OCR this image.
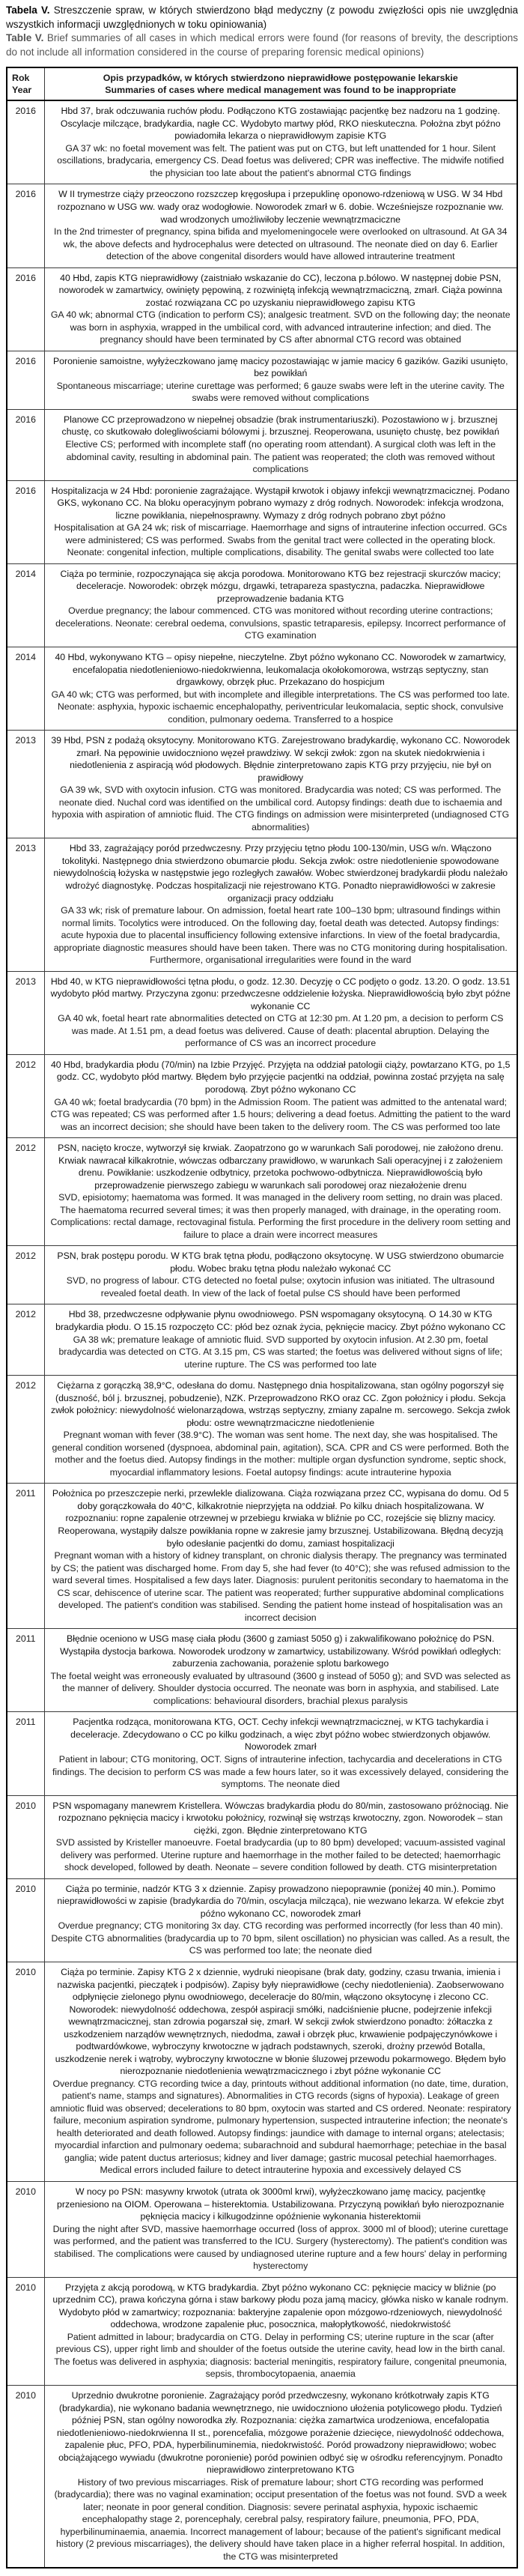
Tabela V. Streszczenie spraw, w których stwierdzono błąd medyczny (z powodu zwięzłości opis nie uwzględnia wszystkich informacji uwzględnionych w toku opiniowania)
Table V. Brief summaries of all cases in which medical errors were found (for reasons of brevity, the descriptions do not include all information considered in the course of preparing forensic medical opinions)
Rok
Year

Opis przypadków, w których stwierdzono nieprawidłowe postępowanie lekarskie
Summaries of cases where medical management was found to be inappropriate

2016	Hbd 37, brak odczuwania ruchów płodu. Podłączono KTG zostawiając pacjentkę bez nadzoru na 1 godzinę. Oscylacje milczące, bradykardia, nagłe CC. Wydobyto martwy płód, RKO nieskuteczna. Położna zbyt późno powiadomiła lekarza o nieprawidłowym zapisie KTG
GA 37 wk: no foetal movement was felt. The patient was put on CTG, but left unattended for 1 hour. Silent oscillations, bradycaria, emergency CS. Dead foetus was delivered; CPR was ineffective. The midwife notified the physician too late about the patient's abnormal CTG findings

2016	W II trymestrze ciąży przeoczono rozszczep kręgosłupa i przepuklinę oponowo-rdzeniową w USG. W 34 Hbd rozpoznano w USG ww. wady oraz wodogłowie. Noworodek zmarł w 6. dobie. Wcześniejsze rozpoznanie ww. wad wrodzonych umożliwiłoby leczenie wewnątrzmaciczne
In the 2nd trimester of pregnancy, spina bifida and myelomeningocele were overlooked on ultrasound. At GA 34 wk, the above defects and hydrocephalus were detected on ultrasound. The neonate died on day 6. Earlier detection of the above congenital disorders would have allowed intrauterine treatment

2016	40 Hbd, zapis KTG nieprawidłowy (zaistniało wskazanie do CC), leczona p.bólowo. W następnej dobie PSN, noworodek w zamartwicy, owinięty pępowiną, z rozwiniętą infekcją wewnątrzmaciczną, zmarł. Ciąża powinna zostać rozwiązana CC po uzyskaniu nieprawidłowego zapisu KTG
GA 40 wk; abnormal CTG (indication to perform CS); analgesic treatment. SVD on the following day; the neonate was born in asphyxia, wrapped in the umbilical cord, with advanced intrauterine infection; and died. The pregnancy should have been terminated by CS after abnormal CTG record was obtained

2016	Poronienie samoistne, wyłyżeczkowano jamę macicy pozostawiając w jamie macicy 6 gazików. Gaziki usunięto, bez powikłań
Spontaneous miscarriage; uterine curettage was performed; 6 gauze swabs were left in the uterine cavity. The swabs were removed without complications

2016	Planowe CC przeprowadzono w niepełnej obsadzie (brak instrumentariuszki). Pozostawiono w j. brzusznej chustę, co skutkowało dolegliwościami bólowymi j. brzusznej. Reoperowana, usunięto chustę, bez powikłań
Elective CS; performed with incomplete staff (no operating room attendant). A surgical cloth was left in the abdominal cavity, resulting in abdominal pain. The patient was reoperated; the cloth was removed without complications

2016	Hospitalizacja w 24 Hbd: poronienie zagrażające. Wystąpił krwotok i objawy infekcji wewnątrzmacicznej. Podano GKS, wykonano CC. Na bloku operacyjnym pobrano wymazy z dróg rodnych. Noworodek: infekcja wrodzona, liczne powikłania, niepełnosprawny. Wymazy z dróg rodnych pobrano zbyt późno
Hospitalisation at GA 24 wk; risk of miscarriage. Haemorrhage and signs of intrauterine infection occurred. GCs were administered; CS was performed. Swabs from the genital tract were collected in the operating block. Neonate: congenital infection, multiple complications, disability. The genital swabs were collected too late

2014	Ciąża po terminie, rozpoczynająca się akcja porodowa. Monitorowano KTG bez rejestracji skurczów macicy; deceleracje. Noworodek: obrzęk mózgu, drgawki, tetrapareza spastyczna, padaczka. Nieprawidłowe przeprowadzenie badania KTG
Overdue pregnancy; the labour commenced. CTG was monitored without recording uterine contractions; decelerations. Neonate: cerebral oedema, convulsions, spastic tetraparesis, epilepsy. Incorrect performance of CTG examination

2014	40 Hbd, wykonywano KTG – opisy niepełne, nieczytelne. Zbyt późno wykonano CC. Noworodek w zamartwicy, encefalopatia niedotlenieniowo-niedokrwienna, leukomalacja okołokomorowa, wstrząs septyczny, stan drgawkowy, obrzęk płuc. Przekazano do hospicjum
GA 40 wk; CTG was performed, but with incomplete and illegible interpretations. The CS was performed too late. Neonate: asphyxia, hypoxic ischaemic encephalopathy, periventricular leukomalacia, septic shock, convulsive condition, pulmonary oedema. Transferred to a hospice

2013	39 Hbd, PSN z podażą oksytocyny. Monitorowano KTG. Zarejestrowano bradykardię, wykonano CC. Noworodek zmarł. Na pępowinie uwidoczniono węzeł prawdziwy. W sekcji zwłok: zgon na skutek niedokrwienia i niedotlenienia z aspiracją wód płodowych. Błędnie zinterpretowano zapis KTG przy przyjęciu, nie był on prawidłowy
GA 39 wk, SVD with oxytocin infusion. CTG was monitored. Bradycardia was noted; CS was performed. The neonate died. Nuchal cord was identified on the umbilical cord. Autopsy findings: death due to ischaemia and hypoxia with aspiration of amniotic fluid. The CTG findings on admission were misinterpreted (undiagnosed CTG abnormalities)

2013	Hbd 33, zagrażający poród przedwczesny. Przy przyjęciu tętno płodu 100-130/min, USG w/n. Włączono tokolityki. Następnego dnia stwierdzono obumarcie płodu. Sekcja zwłok: ostre niedotlenienie spowodowane niewydolnością łożyska w następstwie jego rozległych zawałów. Wobec stwierdzonej bradykardii płodu należało wdrożyć diagnostykę. Podczas hospitalizacji nie rejestrowano KTG. Ponadto nieprawidłowości w zakresie organizacji pracy oddziału
GA 33 wk; risk of premature labour. On admission, foetal heart rate 100–130 bpm; ultrasound findings within normal limits. Tocolytics were introduced. On the following day, foetal death was detected. Autopsy findings: acute hypoxia due to placental insufficiency following extensive infarctions. In view of the foetal bradycardia, appropriate diagnostic measures should have been taken. There was no CTG monitoring during hospitalisation. Furthermore, organisational irregularities were found in the ward

2013	Hbd 40, w KTG nieprawidłowości tętna płodu, o godz. 12.30. Decyzję o CC podjęto o godz. 13.20. O godz. 13.51 wydobyto płód martwy. Przyczyna zgonu: przedwczesne oddzielenie łożyska. Nieprawidłowością było zbyt późne wykonanie CC
GA 40 wk, foetal heart rate abnormalities detected on CTG at 12:30 pm. At 1.20 pm, a decision to perform CS was made. At 1.51 pm, a dead foetus was delivered. Cause of death: placental abruption. Delaying the performance of CS was an incorrect procedure

2012	40 Hbd, bradykardia płodu (70/min) na Izbie Przyjęć. Przyjęta na oddział patologii ciąży, powtarzano KTG, po 1,5 godz. CC, wydobyto płód martwy. Błędem było przyjęcie pacjentki na oddział, powinna zostać przyjęta na salę porodową. Zbyt późno wykonano CC
GA 40 wk; foetal bradycardia (70 bpm) in the Admission Room. The patient was admitted to the antenatal ward; CTG was repeated; CS was performed after 1.5 hours; delivering a dead foetus. Admitting the patient to the ward was an incorrect decision; she should have been taken to the delivery room. The CS was performed too late

2012	PSN, nacięto krocze, wytworzył się krwiak. Zaopatrzono go w warunkach Sali porodowej, nie założono drenu. Krwiak nawracał kilkakrotnie, wówczas odbarczany prawidłowo, w warunkach Sali operacyjnej i z założeniem drenu. Powikłanie: uszkodzenie odbytnicy, przetoka pochwowo-odbytnicza. Nieprawidłowością było przeprowadzenie pierwszego zabiegu w warunkach sali porodowej oraz niezałożenie drenu
SVD, episiotomy; haematoma was formed. It was managed in the delivery room setting, no drain was placed. The haematoma recurred several times; it was then properly managed, with drainage, in the operating room. Complications: rectal damage, rectovaginal fistula. Performing the first procedure in the delivery room setting and failure to place a drain were incorrect measures

2012	PSN, brak postępu porodu. W KTG brak tętna płodu, podłączono oksytocynę. W USG stwierdzono obumarcie płodu. Wobec braku tętna płodu należało wykonać CC
SVD, no progress of labour. CTG detected no foetal pulse; oxytocin infusion was initiated. The ultrasound revealed foetal death. In view of the lack of foetal pulse CS should have been performed

2012	Hbd 38, przedwczesne odpływanie płynu owodniowego. PSN wspomagany oksytocyną. O 14.30 w KTG bradykardia płodu. O 15.15 rozpoczęto CC: płód bez oznak życia, pęknięcie macicy. Zbyt późno wykonano CC
GA 38 wk; premature leakage of amniotic fluid. SVD supported by oxytocin infusion. At 2.30 pm, foetal bradycardia was detected on CTG. At 3.15 pm, CS was started; the foetus was delivered without signs of life; uterine rupture. The CS was performed too late

2012	Ciężarna z gorączką 38,9°C, odesłana do domu. Następnego dnia hospitalizowana, stan ogólny pogorszył się (duszność, ból j. brzusznej, pobudzenie), NZK. Przeprowadzono RKO oraz CC. Zgon położnicy i płodu. Sekcja zwłok położnicy: niewydolność wielonarządowa, wstrząs septyczny, zmiany zapalne m. sercowego. Sekcja zwłok płodu: ostre wewnątrzmaciczne niedotlenienie
Pregnant woman with fever (38.9°C). The woman was sent home. The next day, she was hospitalised. The general condition worsened (dyspnoea, abdominal pain, agitation), SCA. CPR and CS were performed. Both the mother and the foetus died. Autopsy findings in the mother: multiple organ dysfunction syndrome, septic shock, myocardial inflammatory lesions. Foetal autopsy findings: acute intrauterine hypoxia

2011	Położnica po przeszczepie nerki, przewlekle dializowana. Ciąża rozwiązana przez CC, wypisana do domu. Od 5 doby gorączkowała do 40°C, kilkakrotnie nieprzyjęta na oddział. Po kilku dniach hospitalizowana. W rozpoznaniu: ropne zapalenie otrzewnej w przebiegu krwiaka w bliźnie po CC, rozejście się blizny macicy. Reoperowana, wystąpiły dalsze powikłania ropne w zakresie jamy brzusznej. Ustabilizowana. Błędną decyzją było odesłanie pacjentki do domu, zamiast hospitalizacji
Pregnant woman with a history of kidney transplant, on chronic dialysis therapy. The pregnancy was terminated by CS; the patient was discharged home. From day 5, she had fever (to 40°C); she was refused admission to the ward several times. Hospitalised a few days later. Diagnosis: purulent peritonitis secondary to haematoma in the CS scar, dehiscence of uterine scar. The patient was reoperated; further suppurative abdominal complications developed. The patient's condition was stabilised. Sending the patient home instead of hospitalisation was an incorrect decision

2011	Błędnie oceniono w USG masę ciała płodu (3600 g zamiast 5050 g) i zakwalifikowano położnicę do PSN. Wystąpiła dystocja barkowa. Noworodek urodzony w zamartwicy, ustabilizowany. Wśród powikłań odległych: zaburzenia zachowania, porażenie splotu barkowego
The foetal weight was erroneously evaluated by ultrasound (3600 g instead of 5050 g); and SVD was selected as the manner of delivery. Shoulder dystocia occurred. The neonate was born in asphyxia, and stabilised. Late complications: behavioural disorders, brachial plexus paralysis

2011	Pacjentka rodząca, monitorowana KTG, OCT. Cechy infekcji wewnątrzmacicznej, w KTG tachykardia i deceleracje. Zdecydowano o CC po kilku godzinach, a więc zbyt późno wobec stwierdzonych objawów. Noworodek zmarł
Patient in labour; CTG monitoring, OCT. Signs of intrauterine infection, tachycardia and decelerations in CTG findings. The decision to perform CS was made a few hours later, so it was excessively delayed, considering the symptoms. The neonate died

2010	PSN wspomagany manewrem Kristellera. Wówczas bradykardia płodu do 80/min, zastosowano próżnociąg. Nie rozpoznano pęknięcia macicy i krwotoku położnicy, rozwinął się wstrząs krwotoczny, zgon. Noworodek – stan ciężki, zgon. Błędnie zinterpretowano KTG
SVD assisted by Kristeller manoeuvre. Foetal bradycardia (up to 80 bpm) developed; vacuum-assisted vaginal delivery was performed. Uterine rupture and haemorrhage in the mother failed to be detected; haemorrhagic shock developed, followed by death. Neonate – severe condition followed by death. CTG misinterpretation

2010	Ciąża po terminie, nadzór KTG 3 x dziennie. Zapisy prowadzono niepoprawnie (poniżej 40 min.). Pomimo nieprawidłowości w zapisie (bradykardia do 70/min, oscylacja milcząca), nie wezwano lekarza. W efekcie zbyt późno wykonano CC, noworodek zmarł
Overdue pregnancy; CTG monitoring 3x day. CTG recording was performed incorrectly (for less than 40 min). Despite CTG abnormalities (bradycardia up to 70 bpm, silent oscillation) no physician was called. As a result, the CS was performed too late; the neonate died

2010	Ciąża po terminie. Zapisy KTG 2 x dziennie, wydruki nieopisane (brak daty, godziny, czasu trwania, imienia i nazwiska pacjentki, pieczątek i podpisów). Zapisy były nieprawidłowe (cechy niedotlenienia). Zaobserwowano odpłynięcie zielonego płynu owodniowego, deceleracje do 80/min, włączono oksytocynę i zlecono CC. Noworodek: niewydolność oddechowa, zespół aspiracji smółki, nadciśnienie płucne, podejrzenie infekcji wewnątrzmacicznej, stan zdrowia pogarszał się, zmarł. W sekcji zwłok stwierdzono ponadto: żółtaczka z uszkodzeniem narządów wewnętrznych, niedodma, zawał i obrzęk płuc, krwawienie podpajęczynówkowe i podtwardówkowe, wybroczyny krwotoczne w jądrach podstawnych, szeroki, drożny przewód Botalla, uszkodzenie nerek i wątroby, wybroczyny krwotoczne w błonie śluzowej przewodu pokarmowego. Błędem było nierozpoznanie niedotlenienia wewątrzmacicznego i zbyt późne wykonanie CC
Overdue pregnancy. CTG recording twice a day, printouts without additional information (no date, time, duration, patient's name, stamps and signatures). Abnormalities in CTG records (signs of hypoxia). Leakage of green amniotic fluid was observed; decelerations to 80 bpm, oxytocin was started and CS ordered. Neonate: respiratory failure, meconium aspiration syndrome, pulmonary hypertension, suspected intrauterine infection; the neonate's health deteriorated and death followed. Autopsy findings: jaundice with damage to internal organs; atelectasis; myocardial infarction and pulmonary oedema; subarachnoid and subdural haemorrhage; petechiae in the basal ganglia; wide patent ductus arteriosus; kidney and liver damage; gastric mucosal petechial haemorrhages. Medical errors included failure to detect intrauterine hypoxia and excessively delayed CS

2010	W nocy po PSN: masywny krwotok (utrata ok 3000ml krwi), wyłyżeczkowano jamę macicy, pacjentkę przeniesiono na OIOM. Operowana – histerektomia. Ustabilizowana. Przyczyną powikłań było nierozpoznanie pęknięcia macicy i kilkugodzinne opóźnienie wykonania histerektomii
During the night after SVD, massive haemorrhage occurred (loss of approx. 3000 ml of blood); uterine curettage was performed, and the patient was transferred to the ICU. Surgery (hysterectomy). The patient's condition was stabilised. The complications were caused by undiagnosed uterine rupture and a few hours' delay in performing hysterectomy

2010	Przyjęta z akcją porodową, w KTG bradykardia. Zbyt późno wykonano CC: pęknięcie macicy w bliźnie (po uprzednim CC), prawa kończyna górna i staw barkowy płodu poza jamą macicy, główka nisko w kanale rodnym. Wydobyto płód w zamartwicy; rozpoznania: bakteryjne zapalenie opon mózgowo-rdzeniowych, niewydolność oddechowa, wrodzone zapalenie płuc, posocznica, małopłytkowość, niedokrwistość
Patient admitted in labour; bradycardia on CTG. Delay in performing CS; uterine rupture in the scar (after previous CS), upper right limb and shoulder of the foetus outside the uterine cavity, head low in the birth canal. The foetus was delivered in asphyxia; diagnosis: bacterial meningitis, respiratory failure, congenital pneumonia, sepsis, thrombocytopaenia, anaemia

2010	Uprzednio dwukrotne poronienie. Zagrażający poród przedwczesny, wykonano krótkotrwały zapis KTG (bradykardia), nie wykonano badania wewnętrznego, nie uwidoczniono ułożenia potylicowego płodu. Tydzień później PSN, stan ogólny noworodka zły. Rozpoznania: ciężka zamartwica urodzeniowa, encefalopatia niedotlenieniowo-niedokrwienna II st., porencefalia, mózgowe porażenie dziecięce, niewydolność oddechowa, zapalenie płuc, PFO, PDA, hyperbilinuminemia, niedokrwistość. Poród prowadzony nieprawidłowo; wobec obciążającego wywiadu (dwukrotne poronienie) poród powinien odbyć się w ośrodku referencyjnym. Ponadto nieprawidłowo zinterpretowano KTG
History of two previous miscarriages. Risk of premature labour; short CTG recording was performed (bradycardia); there was no vaginal examination; occiput presentation of the foetus was not found. SVD a week later; neonate in poor general condition. Diagnosis: severe perinatal asphyxia, hypoxic ischaemic encephalopathy stage 2, porencephaly, cerebral palsy, respiratory failure, pneumonia, PFO, PDA, hyperbilinuminaemia, anaemia. Incorrect management of labour; because of the patient's significant medical history (2 previous miscarriages), the delivery should have taken place in a higher referral hospital. In addition, the CTG was misinterpreted
